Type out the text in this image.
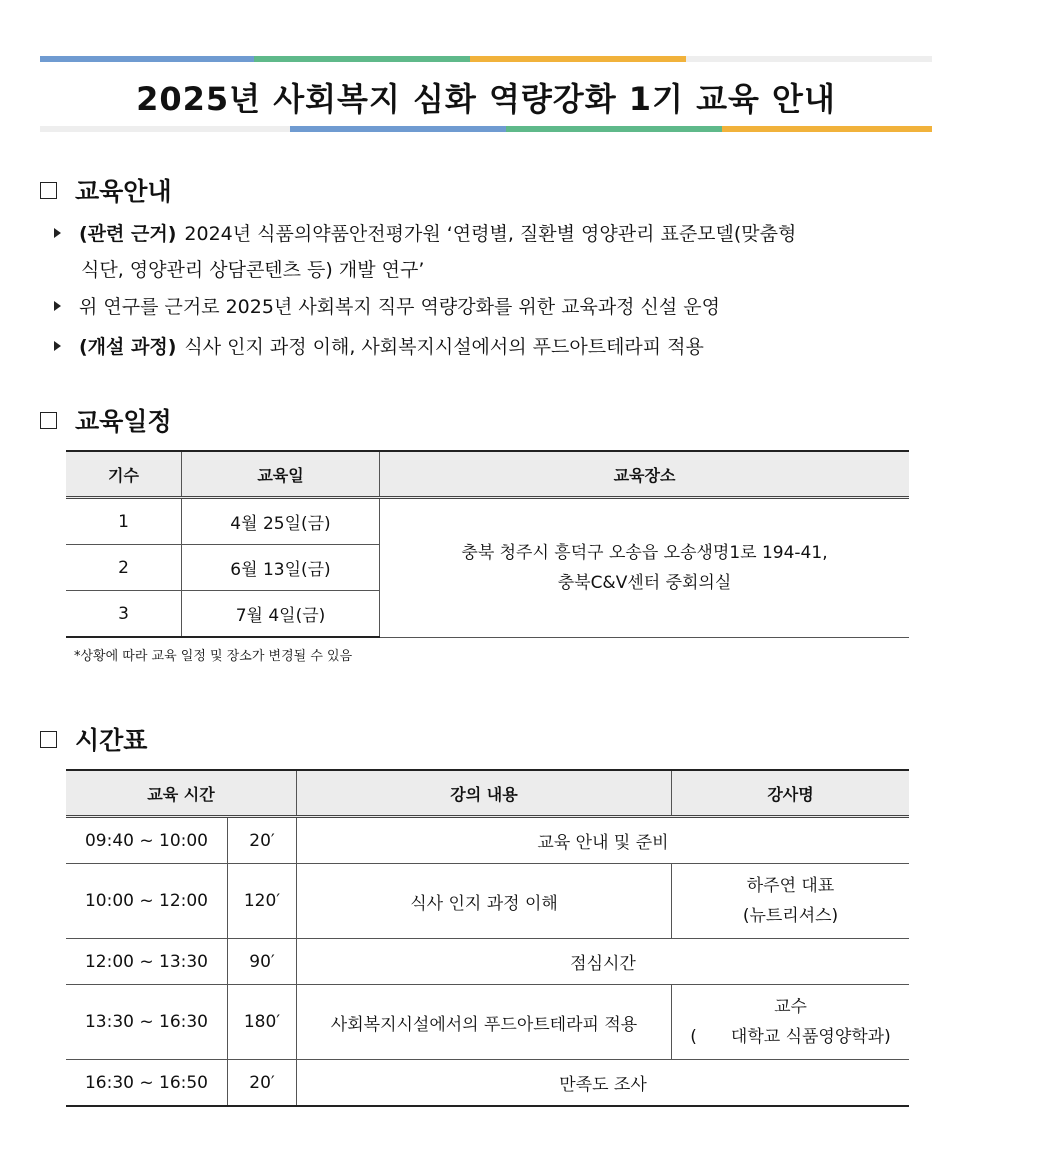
2025년 사회복지 심화 역량강화 1기 교육 안내
교육안내
(관련 근거) 2024년 식품의약품안전평가원 ‘연령별, 질환별 영양관리 표준모델(맞춤형
식단, 영양관리 상담콘텐츠 등) 개발 연구’
위 연구를 근거로 2025년 사회복지 직무 역량강화를 위한 교육과정 신설 운영
(개설 과정) 식사 인지 과정 이해, 사회복지시설에서의 푸드아트테라피 적용
교육일정
기수	교육일	교육장소
1	4월 25일(금)	충북 청주시 흥덕구 오송읍 오송생명1로 194-41,
충북C&V센터 중회의실

2	6월 13일(금)	
3	7월 4일(금)	
*상황에 따라 교육 일정 및 장소가 변경될 수 있음
시간표
교육 시간		강의 내용	강사명
09:40 ~ 10:00	20′	교육 안내 및 준비	
10:00 ~ 12:00	120′	식사 인지 과정 이해	하주연 대표
(뉴트리셔스)

12:00 ~ 13:30	90′	점심시간	
13:30 ~ 16:30	180′	사회복지시설에서의 푸드아트테라피 적용	교수
(　　대학교 식품영양학과)

16:30 ~ 16:50	20′	만족도 조사	
